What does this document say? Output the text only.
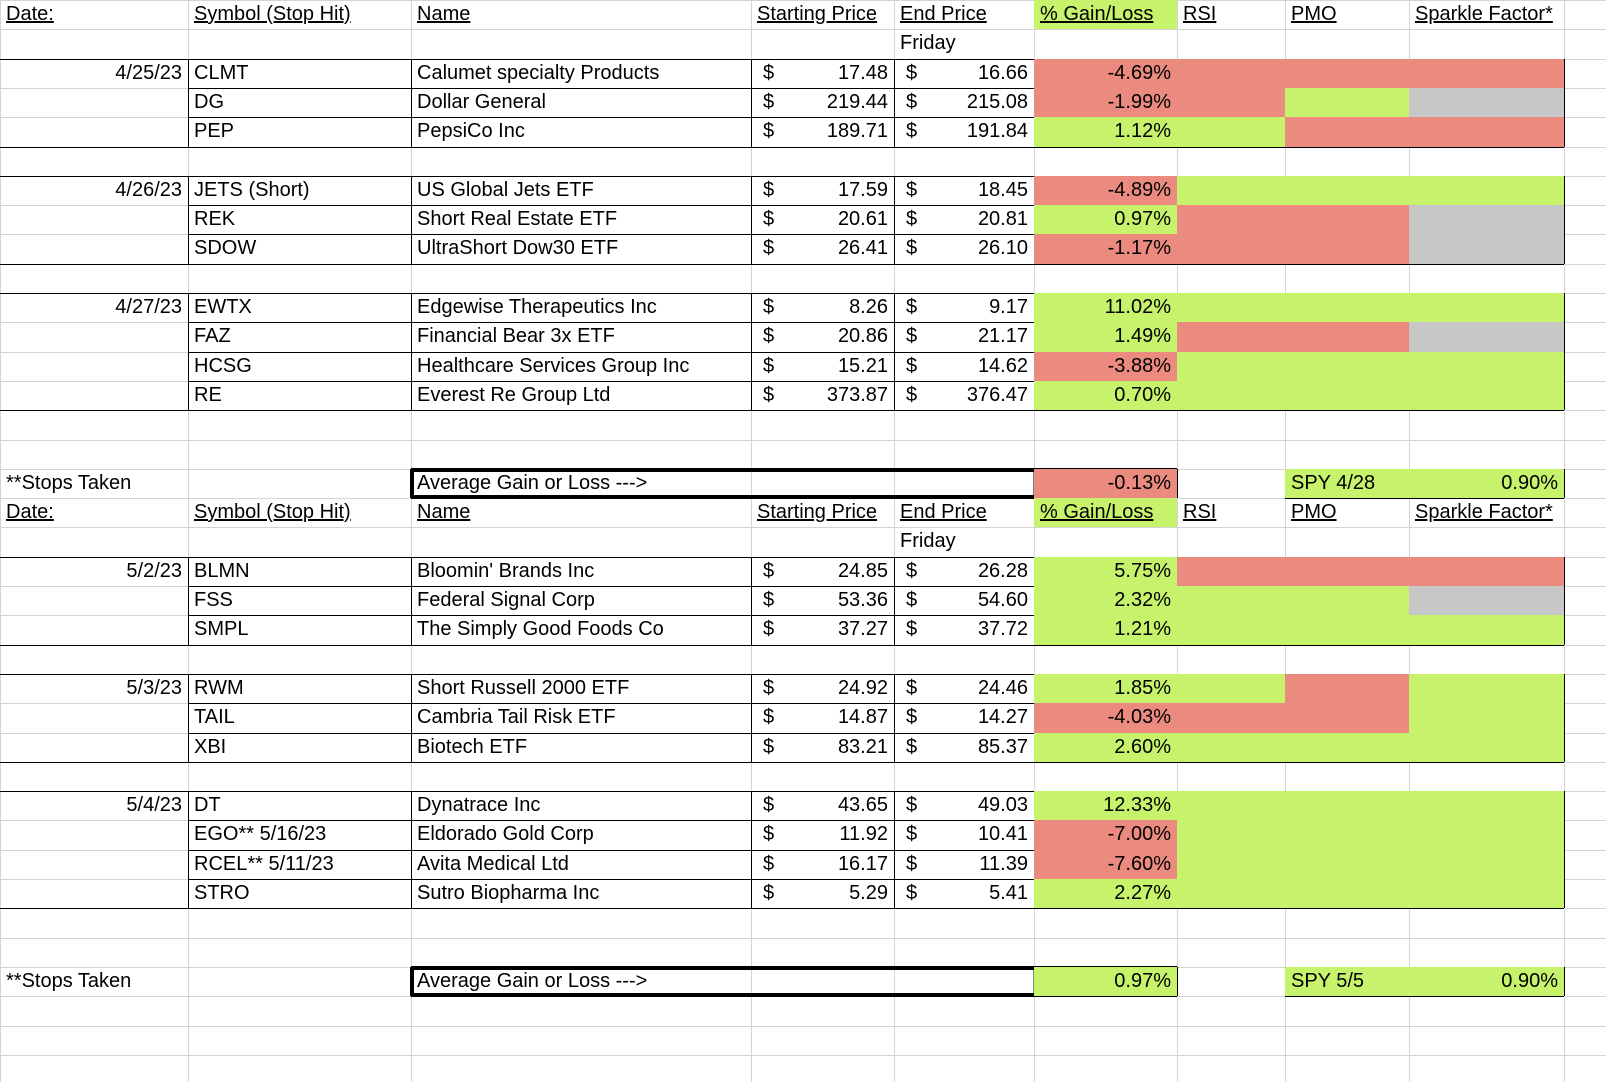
Date:	Symbol (Stop Hit)	Name	Starting Price	End Price	% Gain/Loss	RSI	PMO	Sparkle Factor*
Friday
4/25/23 CLMT	Calumet specialty Products	$	17.48 $	16.66	-4.69%
DG	Dollar General	$	219.44 $	215.08	-1.99%
PEP	PepsiCo Inc	$	189.71 $	191.84	1.12%
4/26/23 JETS (Short)	US Global Jets ETF	$	17.59 $	18.45	-4.89%
REK	Short Real Estate ETF	$	20.61 $	20.81	0.97%
SDOW	UltraShort Dow30 ETF	$	26.41 $	26.10	-1.17%
4/27/23 EWTX	Edgewise Therapeutics Inc	$	8.26 $	9.17	11.02%
FAZ	Financial Bear 3x ETF	$	20.86 $	21.17	1.49%
HCSG	Healthcare Services Group Inc	$	15.21 $	14.62	-3.88%
RE	Everest Re Group Ltd	$	373.87 $	376.47	0.70%
**Stops Taken	Average Gain or Loss --->	-0.13%	SPY 4/28	0.90%
Date:	Symbol (Stop Hit)	Name	Starting Price	End Price	% Gain/Loss	RSI	PMO	Sparkle Factor*
Friday
5/2/23 BLMN	Bloomin' Brands Inc	$	24.85 $	26.28	5.75%
FSS	Federal Signal Corp	$	53.36 $	54.60	2.32%
SMPL	The Simply Good Foods Co	$	37.27 $	37.72	1.21%
5/3/23 RWM	Short Russell 2000 ETF	$	24.92 $	24.46	1.85%
TAIL	Cambria Tail Risk ETF	$	14.87 $	14.27	-4.03%
XBI	Biotech ETF	$	83.21 $	85.37	2.60%
5/4/23 DT	Dynatrace Inc	$	43.65 $	49.03	12.33%
EGO** 5/16/23	Eldorado Gold Corp	$	11.92 $	10.41	-7.00%
RCEL** 5/11/23	Avita Medical Ltd	$	16.17 $	11.39	-7.60%
STRO	Sutro Biopharma Inc	$	5.29 $	5.41	2.27%
**Stops Taken	Average Gain or Loss --->	0.97%	SPY 5/5	0.90%
